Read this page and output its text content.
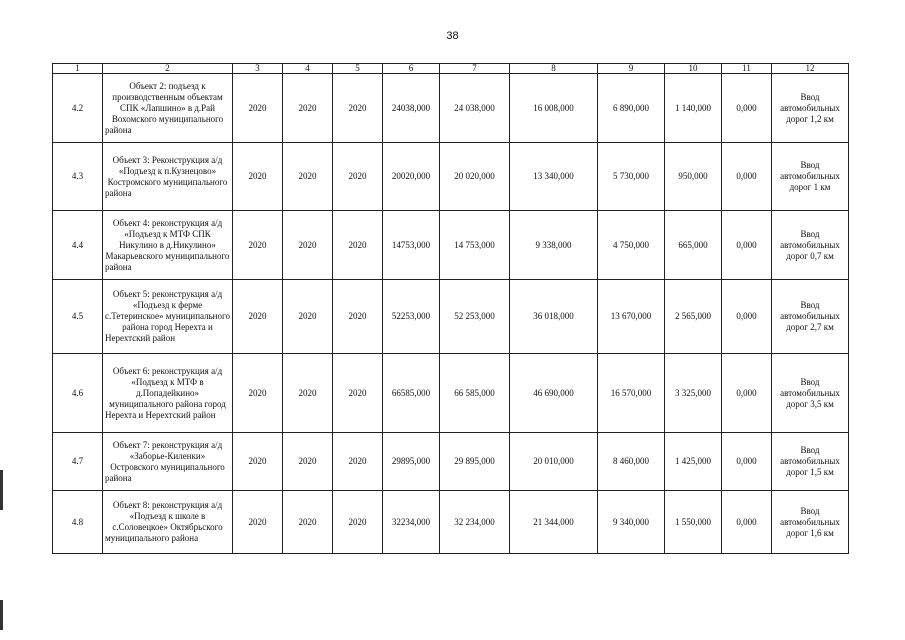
38
1	2	3	4	5	6	7	8	9	10	11	12
4.2	Объект 2: подъезд к производственным объектам СПК «Лапшино» в д.Рай Вохомского муниципального района	2020	2020	2020	24038,000	24 038,000	16 008,000	6 890,000	1 140,000	0,000	Ввод автомобильных дорог 1,2 км
4.3	Объект 3: Реконструкция а/д «Подъезд к п.Кузнецово» Костромского муниципального района	2020	2020	2020	20020,000	20 020,000	13 340,000	5 730,000	950,000	0,000	Ввод автомобильных дорог 1 км
4.4	Объект 4: реконструкция а/д «Подъезд к МТФ СПК Никулино в д.Никулино» Макарьевского муниципального района	2020	2020	2020	14753,000	14 753,000	9 338,000	4 750,000	665,000	0,000	Ввод автомобильных дорог 0,7 км
4.5	Объект 5: реконструкция а/д «Подъезд к ферме с.Тетеринское» муниципального района город Нерехта и Нерехтский район	2020	2020	2020	52253,000	52 253,000	36 018,000	13 670,000	2 565,000	0,000	Ввод автомобильных дорог 2,7 км
4.6	Объект 6: реконструкция а/д «Подъезд к МТФ в д.Попадейкино» муниципального района город Нерехта и Нерехтский район	2020	2020	2020	66585,000	66 585,000	46 690,000	16 570,000	3 325,000	0,000	Ввод автомобильных дорог 3,5 км
4.7	Объект 7: реконструкция а/д «Заборье-Киленки» Островского муниципального района	2020	2020	2020	29895,000	29 895,000	20 010,000	8 460,000	1 425,000	0,000	Ввод автомобильных дорог 1,5 км
4.8	Объект 8: реконструкция а/д «Подъезд к школе в с.Соловецкое» Октябрьского муниципального района	2020	2020	2020	32234,000	32 234,000	21 344,000	9 340,000	1 550,000	0,000	Ввод автомобильных дорог 1,6 км
